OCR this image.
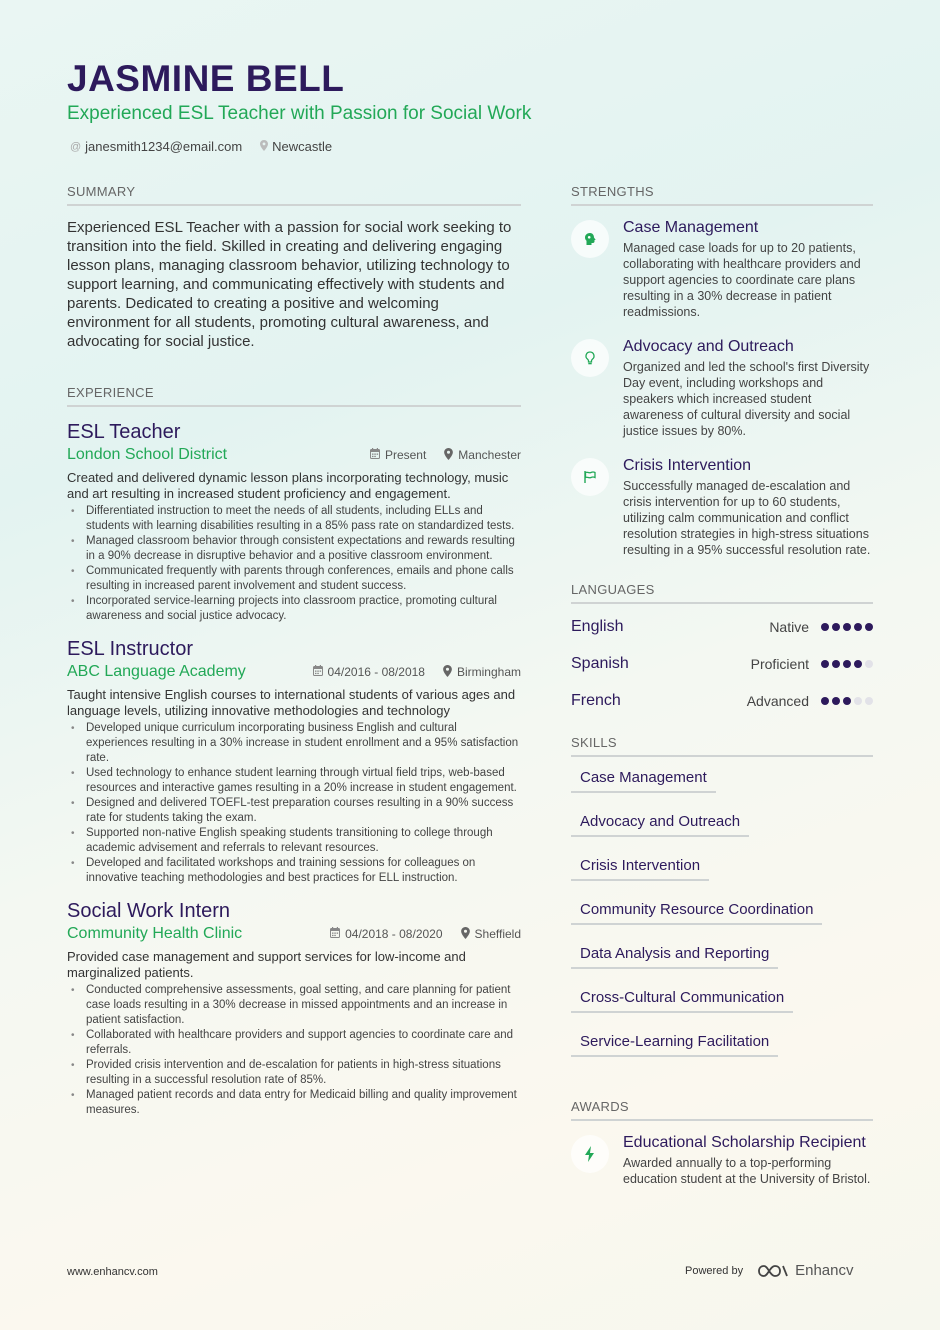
JASMINE BELL
Experienced ESL Teacher with Passion for Social Work
@ janesmith1234@email.com Newcastle
SUMMARY
Experienced ESL Teacher with a passion for social work seeking to transition into the field. Skilled in creating and delivering engaging lesson plans, managing classroom behavior, utilizing technology to support learning, and communicating effectively with students and parents. Dedicated to creating a positive and welcoming environment for all students, promoting cultural awareness, and advocating for social justice.
EXPERIENCE
ESL Teacher
London School District	Present	Manchester
Created and delivered dynamic lesson plans incorporating technology, music and art resulting in increased student proficiency and engagement.
• Differentiated instruction to meet the needs of all students, including ELLs and students with learning disabilities resulting in a 85% pass rate on standardized tests.
• Managed classroom behavior through consistent expectations and rewards resulting in a 90% decrease in disruptive behavior and a positive classroom environment.
• Communicated frequently with parents through conferences, emails and phone calls resulting in increased parent involvement and student success.
• Incorporated service-learning projects into classroom practice, promoting cultural awareness and social justice advocacy.
ESL Instructor
ABC Language Academy	04/2016 - 08/2018	Birmingham
Taught intensive English courses to international students of various ages and language levels, utilizing innovative methodologies and technology
• Developed unique curriculum incorporating business English and cultural experiences resulting in a 30% increase in student enrollment and a 95% satisfaction rate.
• Used technology to enhance student learning through virtual field trips, web-based resources and interactive games resulting in a 20% increase in student engagement.
• Designed and delivered TOEFL-test preparation courses resulting in a 90% success rate for students taking the exam.
• Supported non-native English speaking students transitioning to college through academic advisement and referrals to relevant resources.
• Developed and facilitated workshops and training sessions for colleagues on innovative teaching methodologies and best practices for ELL instruction.
Social Work Intern
Community Health Clinic	04/2018 - 08/2020	Sheffield
Provided case management and support services for low-income and marginalized patients.
• Conducted comprehensive assessments, goal setting, and care planning for patient case loads resulting in a 30% decrease in missed appointments and an increase in patient satisfaction.
• Collaborated with healthcare providers and support agencies to coordinate care and referrals.
• Provided crisis intervention and de-escalation for patients in high-stress situations resulting in a successful resolution rate of 85%.
• Managed patient records and data entry for Medicaid billing and quality improvement measures.
STRENGTHS
Case Management
Managed case loads for up to 20 patients, collaborating with healthcare providers and support agencies to coordinate care plans resulting in a 30% decrease in patient readmissions.
Advocacy and Outreach
Organized and led the school's first Diversity Day event, including workshops and speakers which increased student awareness of cultural diversity and social justice issues by 80%.
Crisis Intervention
Successfully managed de-escalation and crisis intervention for up to 60 students, utilizing calm communication and conflict resolution strategies in high-stress situations resulting in a 95% successful resolution rate.
LANGUAGES
English	Native
Spanish	Proficient
French	Advanced
SKILLS
Case Management
Advocacy and Outreach
Crisis Intervention
Community Resource Coordination
Data Analysis and Reporting
Cross-Cultural Communication
Service-Learning Facilitation
AWARDS
Educational Scholarship Recipient
Awarded annually to a top-performing education student at the University of Bristol.
www.enhancv.com	Powered by	Enhancv
